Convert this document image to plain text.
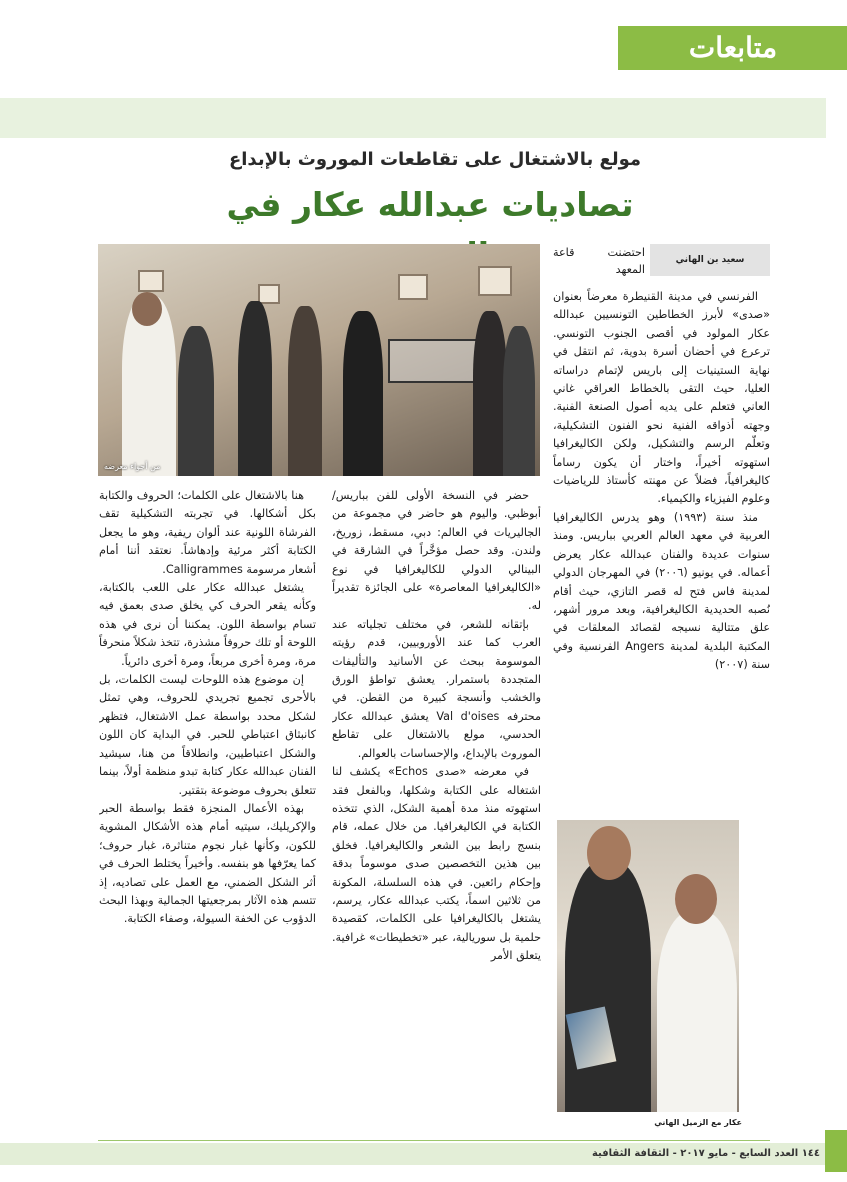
متابعات
مولع بالاشتغال على تقاطعات الموروث بالإبداع
تصاديات عبدالله عكار في
من أجواء معرضه
سعيد بن الهاني
احتضنت قاعة المعهد

الفرنسي في مدينة القنيطرة معرضاً بعنوان «صدى» لأبرز الخطاطين التونسيين عبدالله عكار المولود في أقصى الجنوب التونسي. ترعرع في أحضان أسرة بدوية، ثم انتقل في نهاية الستينيات إلى باريس لإتمام دراساته العليا، حيث التقى بالخطاط العراقي غاني العاني فتعلم على يديه أصول الصنعة الفنية. وجهته أذواقه الفنية نحو الفنون التشكيلية، وتعلّم الرسم والتشكيل، ولكن الكاليغرافيا استهوته أخيراً، واختار أن يكون رساماً كاليغرافياً، فضلاً عن مهنته كأستاذ للرياضيات وعلوم الفيزياء والكيمياء.

منذ سنة (١٩٩٣) وهو يدرس الكاليغرافيا العربية في معهد العالم العربي بباريس. ومنذ سنوات عديدة والفنان عبدالله عكار يعرض أعماله. في يونيو (٢٠٠٦) في المهرجان الدولي لمدينة فاس فتح له قصر التازي، حيث أقام نُصبه الحديدية الكاليغرافية، وبعد مرور أشهر، علق متتالية نسيجه لقصائد المعلقات في المكتبة البلدية لمدينة Angers الفرنسية وفي سنة (٢٠٠٧)

حضر في النسخة الأولى للفن بباريس/ أبوظبي. واليوم هو حاضر في مجموعة من الجاليريات في العالم: دبي، مسقط، زوريخ، ولندن. وقد حصل مؤخَّراً في الشارقة في البينالي الدولي للكاليغرافيا في نوع «الكاليغرافيا المعاصرة» على الجائزة تقديراً له.

بإتقانه للشعر، في مختلف تجلياته عند العرب كما عند الأوروبيين، قدم رؤيته الموسومة ببحث عن الأسانيد والتأليفات المتجددة باستمرار. يعشق تواطؤ الورق والخشب وأنسجة كبيرة من القطن. في محترفه Val d'oises يعشق عبدالله عكار الحدسي، مولع بالاشتغال على تقاطع الموروث بالإبداع، والإحساسات بالعوالم.

في معرضه «صدى Echos» يكشف لنا اشتغاله على الكتابة وشكلها، وبالفعل فقد استهوته منذ مدة أهمية الشكل، الذي تتخذه الكتابة في الكاليغرافيا. من خلال عمله، قام بنسج رابط بين الشعر والكاليغرافيا. فخلق بين هذين التخصصين صدى موسوماً بدقة وإحكام رائعين. في هذه السلسلة، المكونة من ثلاثين اسماً، يكتب عبدالله عكار، يرسم، يشتغل بالكاليغرافيا على الكلمات، كقصيدة حلمية بل سوريالية، عبر «تخطيطات» غرافية. يتعلق الأمر

هنا بالاشتغال على الكلمات؛ الحروف والكتابة بكل أشكالها. في تجربته التشكيلية تقف الفرشاة اللونية عند ألوان ريفية، وهو ما يجعل الكتابة أكثر مرئية وإدهاشاً. نعتقد أننا أمام أشعار مرسومة Calligrammes.

يشتغل عبدالله عكار على اللعب بالكتابة، وكأنه يقعر الحرف كي يخلق صدى بعمق فيه تسام بواسطة اللون. يمكننا أن نرى في هذه اللوحة أو تلك حروفاً مشذرة، تتخذ شكلاً منحرفاً مرة، ومرة أخرى مربعاً، ومرة أخرى دائرياً.

إن موضوع هذه اللوحات ليست الكلمات، بل بالأحرى تجميع تجريدي للحروف، وهي تمثل لشكل محدد بواسطة عمل الاشتغال، فتظهر كانبثاق اعتباطي للحبر. في البداية كان اللون والشكل اعتباطيين، وانطلاقاً من هنا، سيشيد الفنان عبدالله عكار كتابة تبدو منظمة أولاً، بينما تتعلق بحروف موضوعة بتقتير.

بهذه الأعمال المنجزة فقط بواسطة الحبر والإكريليك، سيتيه أمام هذه الأشكال المشوية للكون، وكأنها غبار نجوم متناثرة، غبار حروف؛ كما يعرّفها هو بنفسه. وأخيراً يختلط الحرف في أثر الشكل الضمني، مع العمل على تصاديه، إذ تتسم هذه الآثار بمرجعيتها الجمالية وبهذا البحث الدؤوب عن الخفة السيولة، وصفاء الكتابة.

عكار مع الزميل الهاني
١٤٤ العدد السابع - مايو ٢٠١٧ - الثقافة الثقافية
